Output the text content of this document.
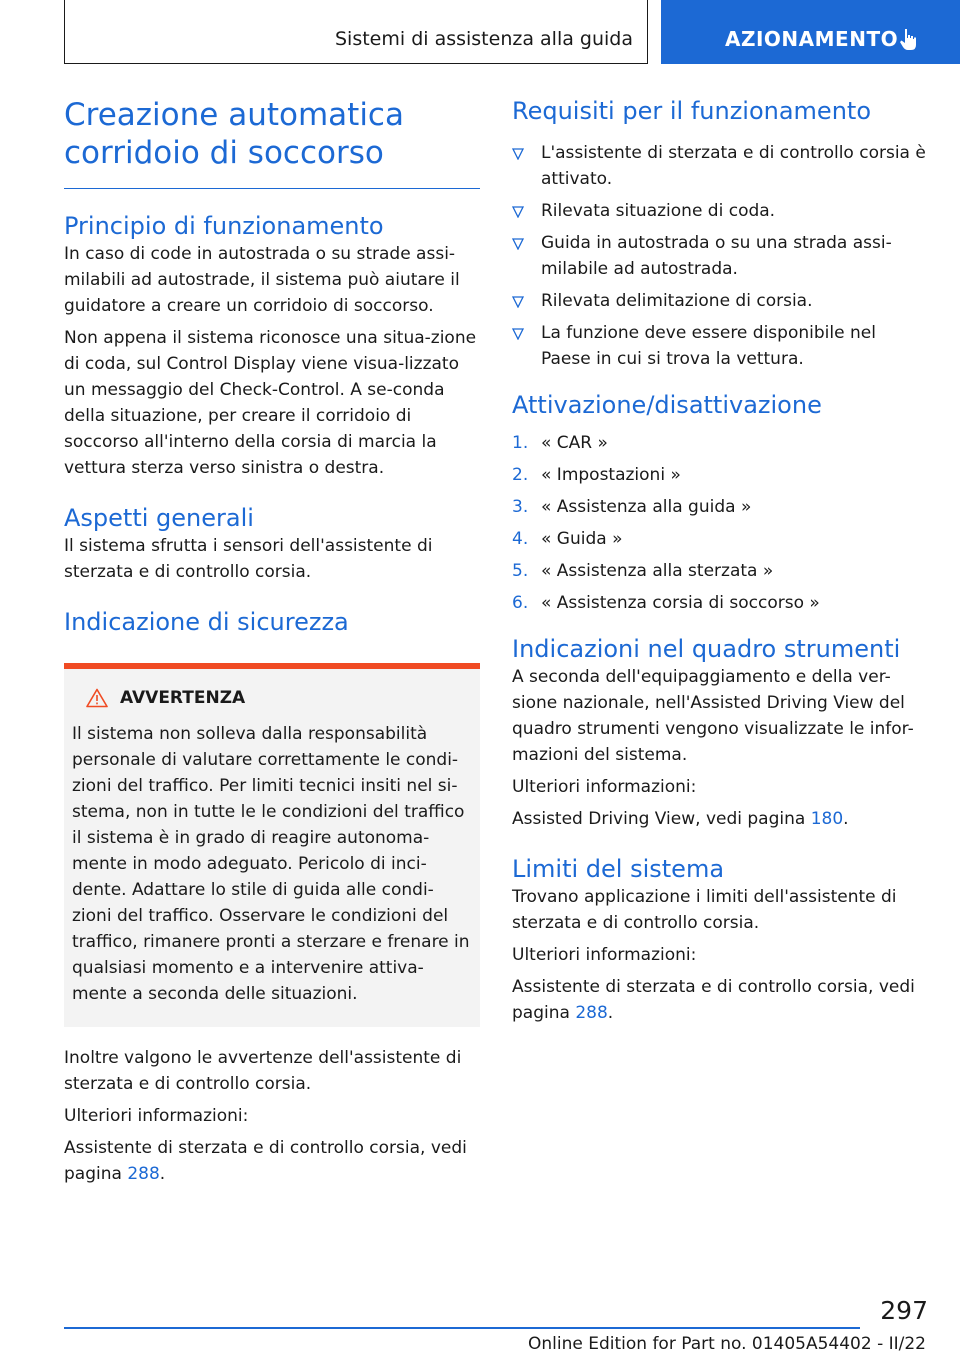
Sistemi di assistenza alla guida	AZIONAMENTO
Creazione automatica corridoio di soccorso
Principio di funzionamento

In caso di code in autostrada o su strade assi-milabili ad autostrade, il sistema può aiutare il guidatore a creare un corridoio di soccorso.

Non appena il sistema riconosce una situa-zione di coda, sul Control Display viene visua-lizzato un messaggio del Check-Control. A se-conda della situazione, per creare il corridoio di soccorso all'interno della corsia di marcia la vettura sterza verso sinistra o destra.

Aspetti generali

Il sistema sfrutta i sensori dell'assistente di sterzata e di controllo corsia.

Indicazione di sicurezza
AVVERTENZA

Il sistema non solleva dalla responsabilità personale di valutare correttamente le condi-zioni del traffico. Per limiti tecnici insiti nel si-stema, non in tutte le le condizioni del traffico il sistema è in grado di reagire autonoma-mente in modo adeguato. Pericolo di inci-dente. Adattare lo stile di guida alle condi-zioni del traffico. Osservare le condizioni del traffico, rimanere pronti a sterzare e frenare in qualsiasi momento e a intervenire attiva-mente a seconda delle situazioni.

Inoltre valgono le avvertenze dell'assistente di sterzata e di controllo corsia.

Ulteriori informazioni:

Assistente di sterzata e di controllo corsia, vedi pagina 288.

Requisiti per il funzionamento
L'assistente di sterzata e di controllo corsia è attivato.
Rilevata situazione di coda.
Guida in autostrada o su una strada assi-milabile ad autostrada.
Rilevata delimitazione di corsia.
La funzione deve essere disponibile nel Paese in cui si trova la vettura.
Attivazione/disattivazione
1. « CAR »
2. « Impostazioni »
3. « Assistenza alla guida »
4. « Guida »
5. « Assistenza alla sterzata »
6. « Assistenza corsia di soccorso »
Indicazioni nel quadro strumenti

A seconda dell'equipaggiamento e della ver-sione nazionale, nell'Assisted Driving View del quadro strumenti vengono visualizzate le infor-mazioni del sistema.

Ulteriori informazioni:

Assisted Driving View, vedi pagina 180.

Limiti del sistema

Trovano applicazione i limiti dell'assistente di sterzata e di controllo corsia.

Ulteriori informazioni:

Assistente di sterzata e di controllo corsia, vedi pagina 288.

297
Online Edition for Part no. 01405A54402 - II/22
